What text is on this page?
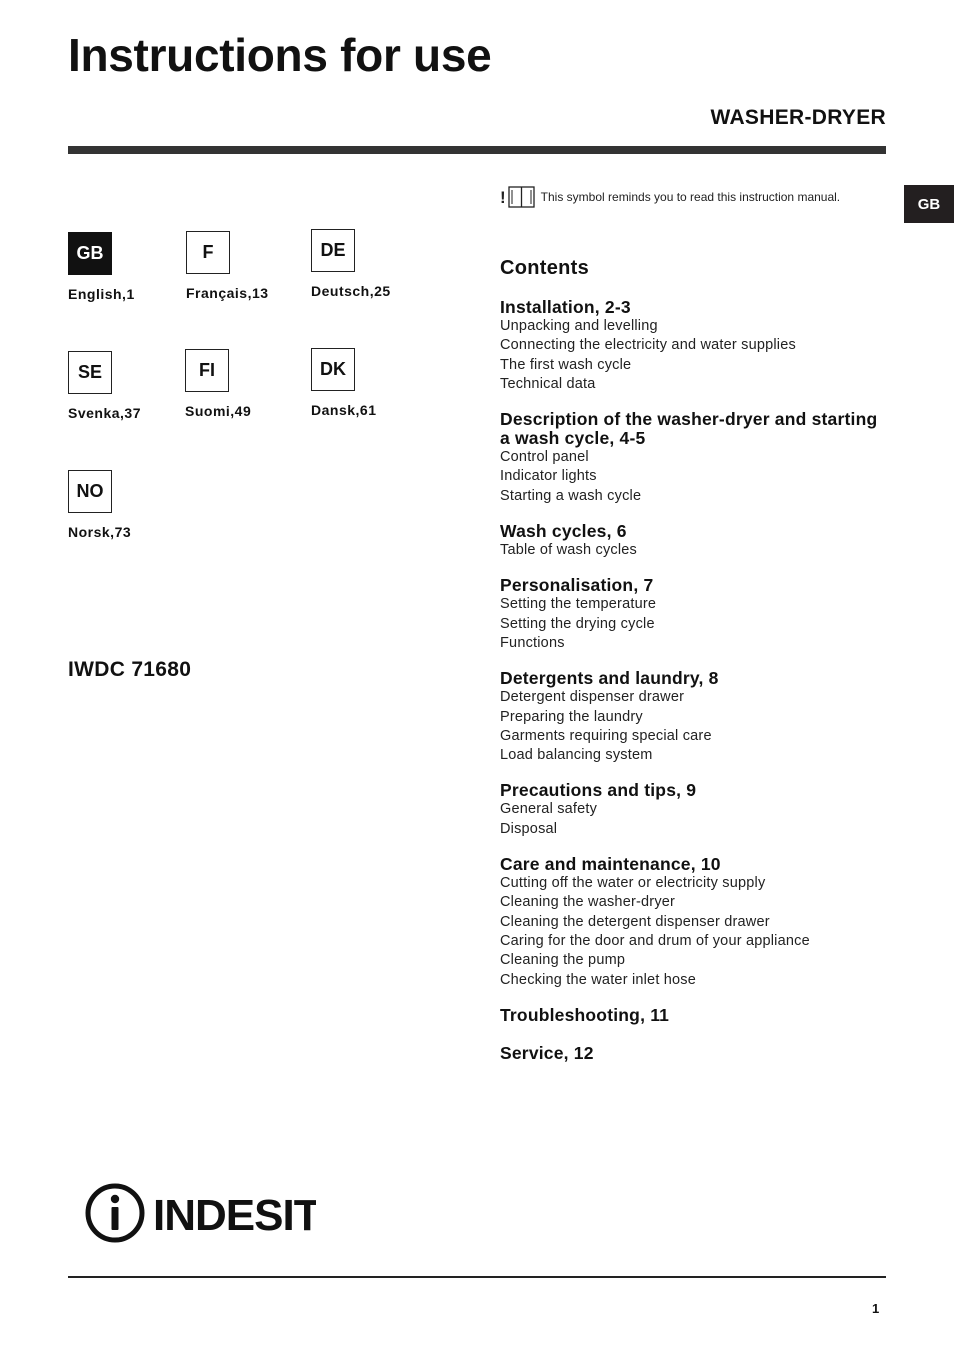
Instructions for use
WASHER-DRYER
GB
!	This symbol reminds you to read this instruction manual.
GB
English,1
F
Français,13
DE
Deutsch,25
SE
Svenka,37
FI
Suomi,49
DK
Dansk,61
NO
Norsk,73
IWDC 71680
Contents
Installation, 2-3
Unpacking and levelling
Connecting the electricity and water supplies
The first wash cycle
Technical data
Description of the washer-dryer and starting a wash cycle, 4-5
Control panel
Indicator lights
Starting a wash cycle
Wash cycles, 6
Table of wash cycles
Personalisation, 7
Setting the temperature
Setting the drying cycle
Functions
Detergents and laundry, 8
Detergent dispenser drawer
Preparing the laundry
Garments requiring special care
Load balancing system
Precautions and tips, 9
General safety
Disposal
Care and maintenance, 10
Cutting off the water or electricity supply
Cleaning the washer-dryer
Cleaning the detergent dispenser drawer
Caring for the door and drum of your appliance
Cleaning the pump
Checking the water inlet hose
Troubleshooting, 11
Service, 12
INDESIT
1
